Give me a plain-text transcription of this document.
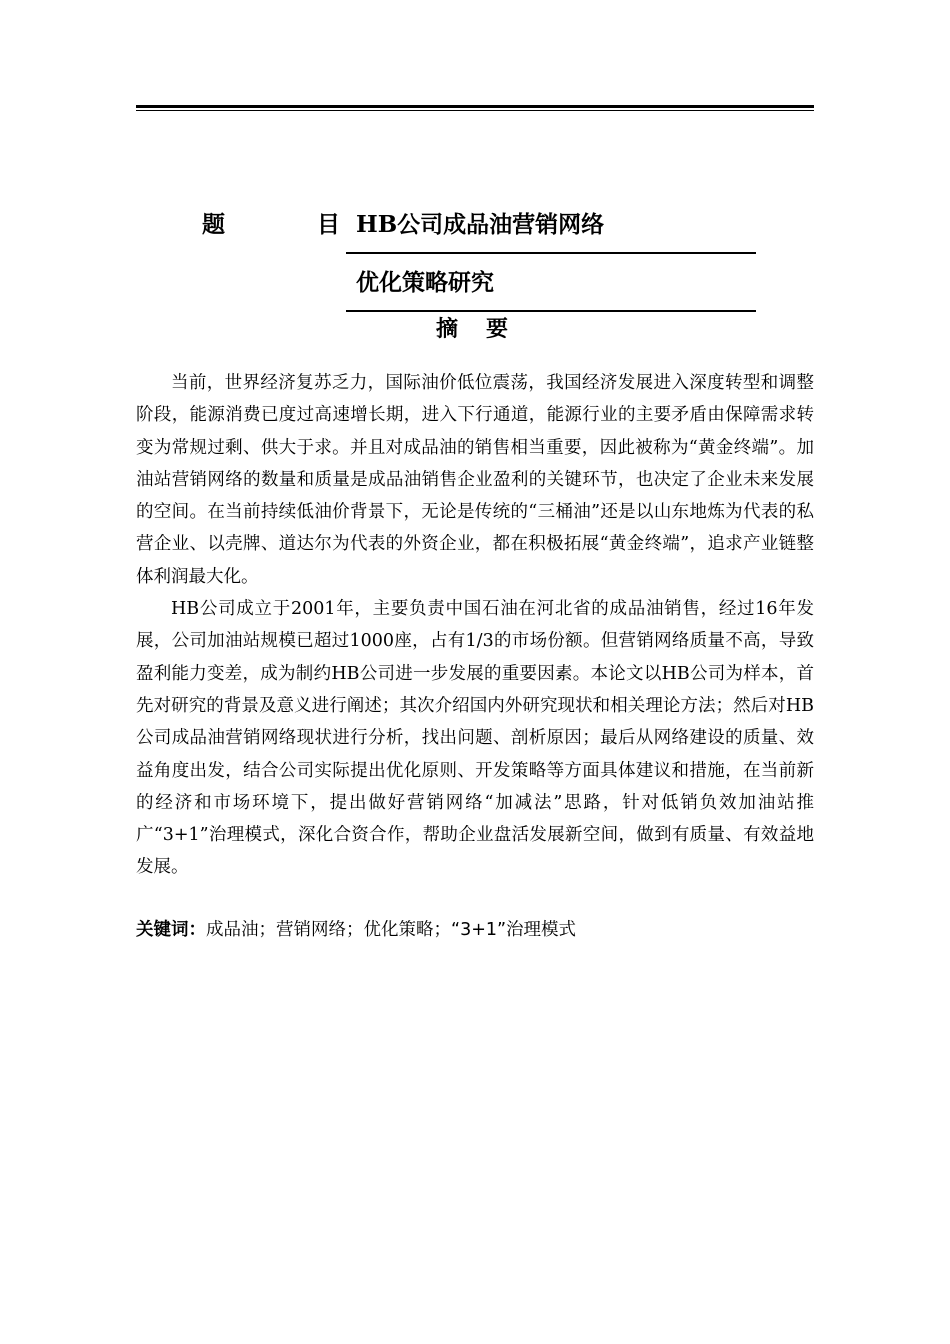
题	目 HB公司成品油营销网络
优化策略研究
摘要

当前，世界经济复苏乏力，国际油价低位震荡，我国经济发展进入深度转型和调整阶段，能源消费已度过高速增长期，进入下行通道，能源行业的主要矛盾由保障需求转变为常规过剩、供大于求。并且对成品油的销售相当重要，因此被称为“黄金终端”。加油站营销网络的数量和质量是成品油销售企业盈利的关键环节，也决定了企业未来发展的空间。在当前持续低油价背景下，无论是传统的“三桶油”还是以山东地炼为代表的私营企业、以壳牌、道达尔为代表的外资企业，都在积极拓展“黄金终端”，追求产业链整体利润最大化。

HB公司成立于2001年，主要负责中国石油在河北省的成品油销售，经过16年发展，公司加油站规模已超过1000座，占有1/3的市场份额。但营销网络质量不高，导致盈利能力变差，成为制约HB公司进一步发展的重要因素。本论文以HB公司为样本，首先对研究的背景及意义进行阐述；其次介绍国内外研究现状和相关理论方法；然后对HB公司成品油营销网络现状进行分析，找出问题、剖析原因；最后从网络建设的质量、效益角度出发，结合公司实际提出优化原则、开发策略等方面具体建议和措施，在当前新的经济和市场环境下，提出做好营销网络“加减法”思路，针对低销负效加油站推广“3+1”治理模式，深化合资合作，帮助企业盘活发展新空间，做到有质量、有效益地发展。

关键词：成品油；营销网络；优化策略；“3+1”治理模式
